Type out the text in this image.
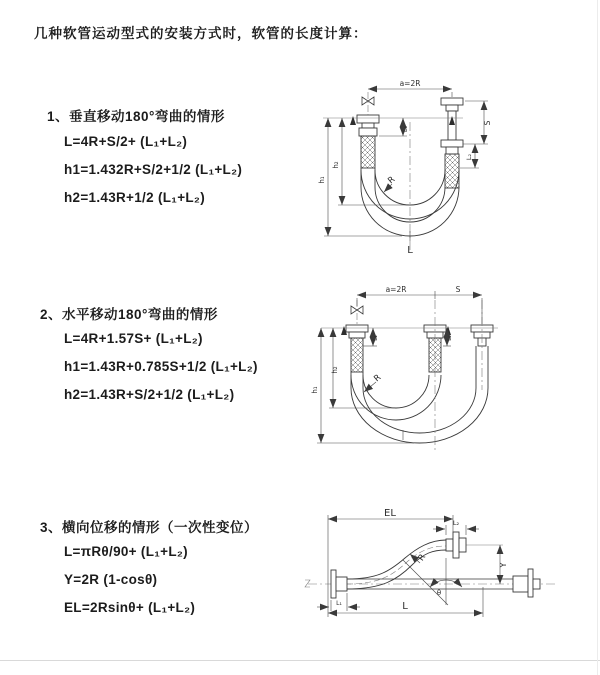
几种软管运动型式的安装方式时，软管的长度计算：
1、垂直移动180°弯曲的情形
L=4R+S/2+ (L₁+L₂)
h1=1.432R+S/2+1/2 (L₁+L₂)
h2=1.43R+1/2 (L₁+L₂)
2、水平移动180°弯曲的情形
L=4R+1.57S+ (L₁+L₂)
h1=1.43R+0.785S+1/2 (L₁+L₂)
h2=1.43R+S/2+1/2 (L₁+L₂)
3、横向位移的情形（一次性变位）
L=πRθ/90+ (L₁+L₂)
Y=2R (1-cosθ)
EL=2Rsinθ+ (L₁+L₂)
a=2R
S
L₁
L₂
h₁
h₂
R
L
a=2R	S
h₁
h₂
L₁	L₂
R
EL
L₂
Y
R
θ
L
L₁
